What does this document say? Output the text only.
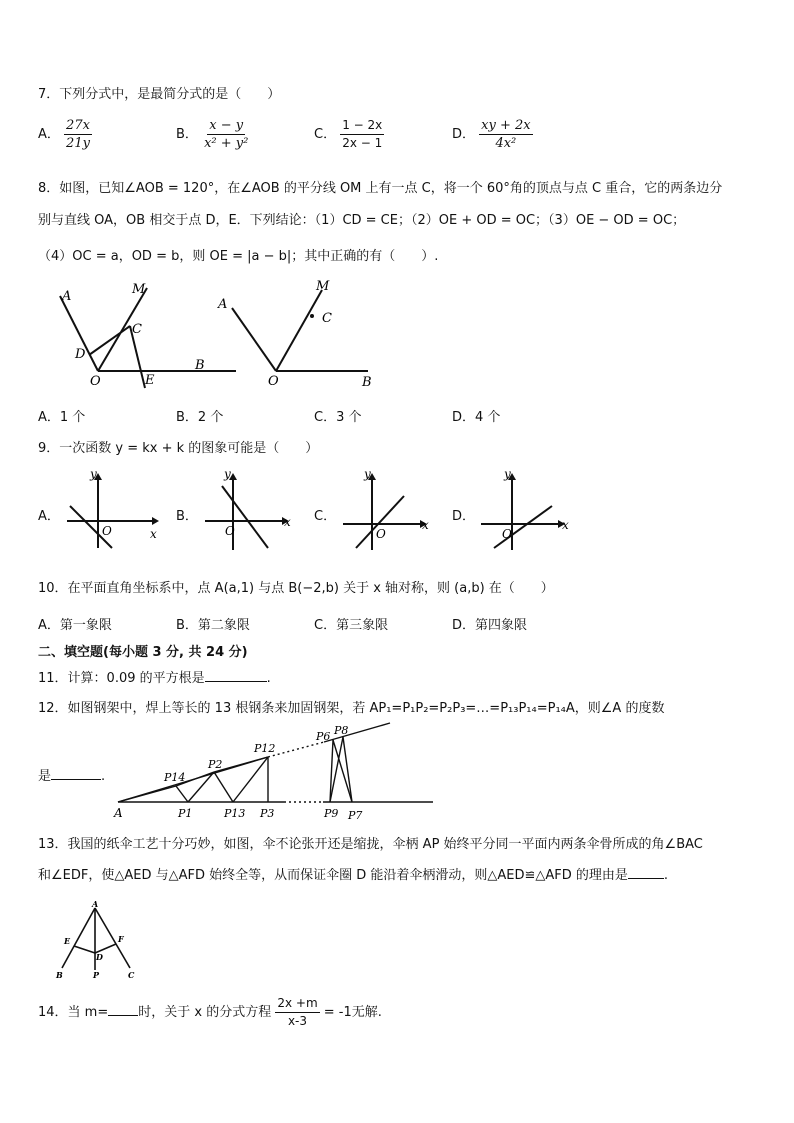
7．下列分式中，是最简分式的是（　　）
A． $\frac{27x}{21y}$	B． $\frac{x - y}{\text{x² + y²}}$	C． $\frac{1 - 2x}{2x - 1}$	D． $\frac{xy + 2x}{\text{4x²}}$
8．如图，已知∠AOB = 120°，在∠AOB 的平分线 OM 上有一点 C，将一个 60°角的顶点与点 C 重合，它的两条边分
别与直线 OA，OB 相交于点 D，E．下列结论：（1）CD = CE；（2）OE + OD = OC；（3）OE − OD = OC；
（4）OC = a，OD = b，则 OE = |a − b|；其中正确的有（　　）.
A	M
C
D
O	E
B
A
M
C
O	B
A．1 个	B．2 个	C．3 个	D．4 个
9．一次函数 y = kx + k 的图象可能是（　　）
A．
x
y
O
B．	x
y
O
C．
x
y
O
D．
x
y
O
10．在平面直角坐标系中，点 A(a,1) 与点 B(−2,b) 关于 x 轴对称，则 (a,b) 在（　　）
A．第一象限	B．第二象限	C．第三象限	D．第四象限
二、填空题(每小题 3 分, 共 24 分)
11．计算：0.09 的平方根是	.
12．如图钢架中，焊上等长的 13 根钢条来加固钢架，若 AP₁=P₁P₂=P₂P₃=…=P₁₃P₁₄=P₁₄A，则∠A 的度数
是	.
A	P1
P2
P3
P13
P14
P12
P6 P8
P9 P7
13．我国的纸伞工艺十分巧妙，如图，伞不论张开还是缩拢，伞柄 AP 始终平分同一平面内两条伞骨所成的角∠BAC
和∠EDF，使△AED 与△AFD 始终全等，从而保证伞圈 D 能沿着伞柄滑动，则△AED≌△AFD 的理由是	.
A
E	F
D
B	P	C
14．当 m= 时，关于 x 的分式方程 $\frac{2x +m}{x-3} = -1$无解.
